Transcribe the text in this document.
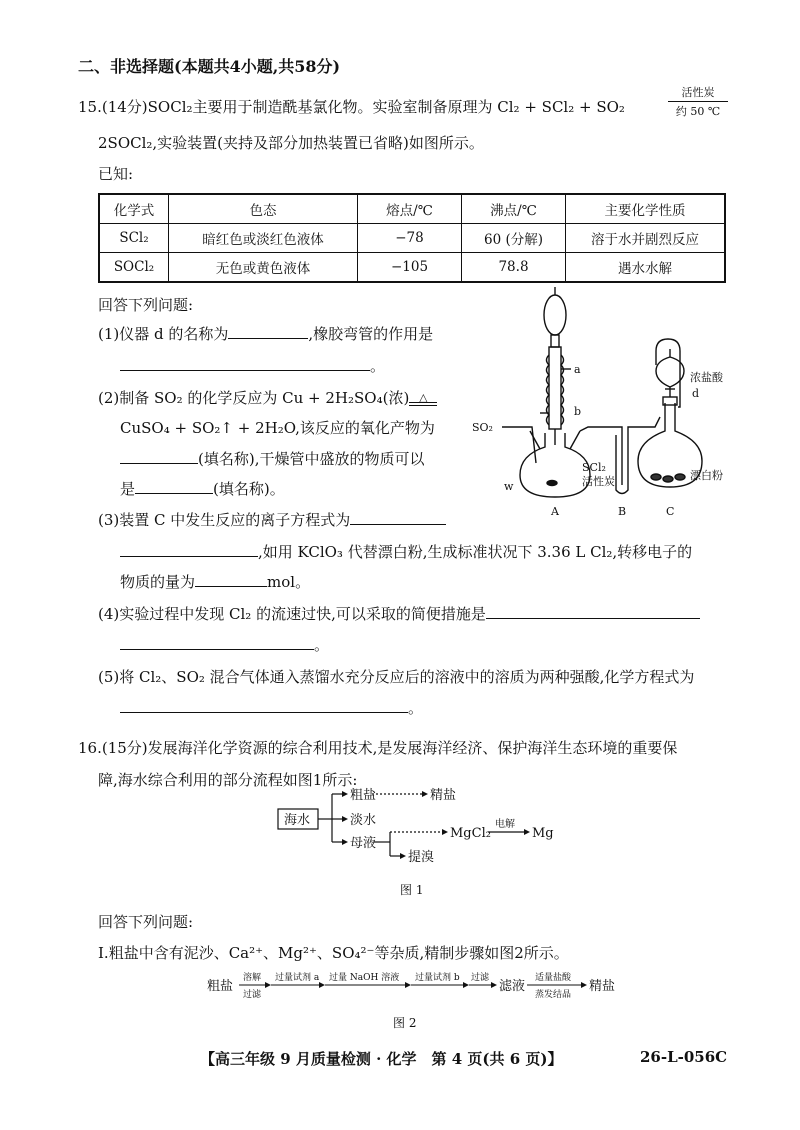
二、非选择题(本题共4小题,共58分)
15.(14分)SOCl₂主要用于制造酰基氯化物。实验室制备原理为 Cl₂ + SCl₂ + SO₂
活性炭
约 50 ℃
2SOCl₂,实验装置(夹持及部分加热装置已省略)如图所示。
已知:
化学式	色态	熔点/℃	沸点/℃	主要化学性质
SCl₂	暗红色或淡红色液体	−78	60 (分解)	溶于水并剧烈反应
SOCl₂	无色或黄色液体	−105	78.8	遇水水解
回答下列问题:
(1)仪器 d 的名称为	,橡胶弯管的作用是
。
(2)制备 SO₂ 的化学反应为 Cu + 2H₂SO₄(浓) △
CuSO₄ + SO₂↑ + 2H₂O,该反应的氧化产物为
(填名称),干燥管中盛放的物质可以
是	(填名称)。
(3)装置 C 中发生反应的离子方程式为
,如用 KClO₃ 代替漂白粉,生成标准状况下 3.36 L Cl₂,转移电子的
物质的量为	mol。
(4)实验过程中发现 Cl₂ 的流速过快,可以采取的简便措施是
。
(5)将 Cl₂、SO₂ 混合气体通入蒸馏水充分反应后的溶液中的溶质为两种强酸,化学方程式为
。
a
b
SO₂
w
SCl₂
活性炭
浓盐酸
d
漂白粉
A	B	C
16.(15分)发展海洋化学资源的综合利用技术,是发展海洋经济、保护海洋生态环境的重要保
障,海水综合利用的部分流程如图1所示:
海水
粗盐	精盐
淡水
母液
MgCl₂
电解
Mg
提溴
图 1
回答下列问题:
Ⅰ.粗盐中含有泥沙、Ca²⁺、Mg²⁺、SO₄²⁻等杂质,精制步骤如图2所示。
粗盐
溶解
过滤
过量试剂 a 过量 NaOH 溶液 过量试剂 b 过滤
滤液
适量盐酸
蒸发结晶
精盐
图 2
【高三年级 9 月质量检测 · 化学　第 4 页(共 6 页)】	26-L-056C
